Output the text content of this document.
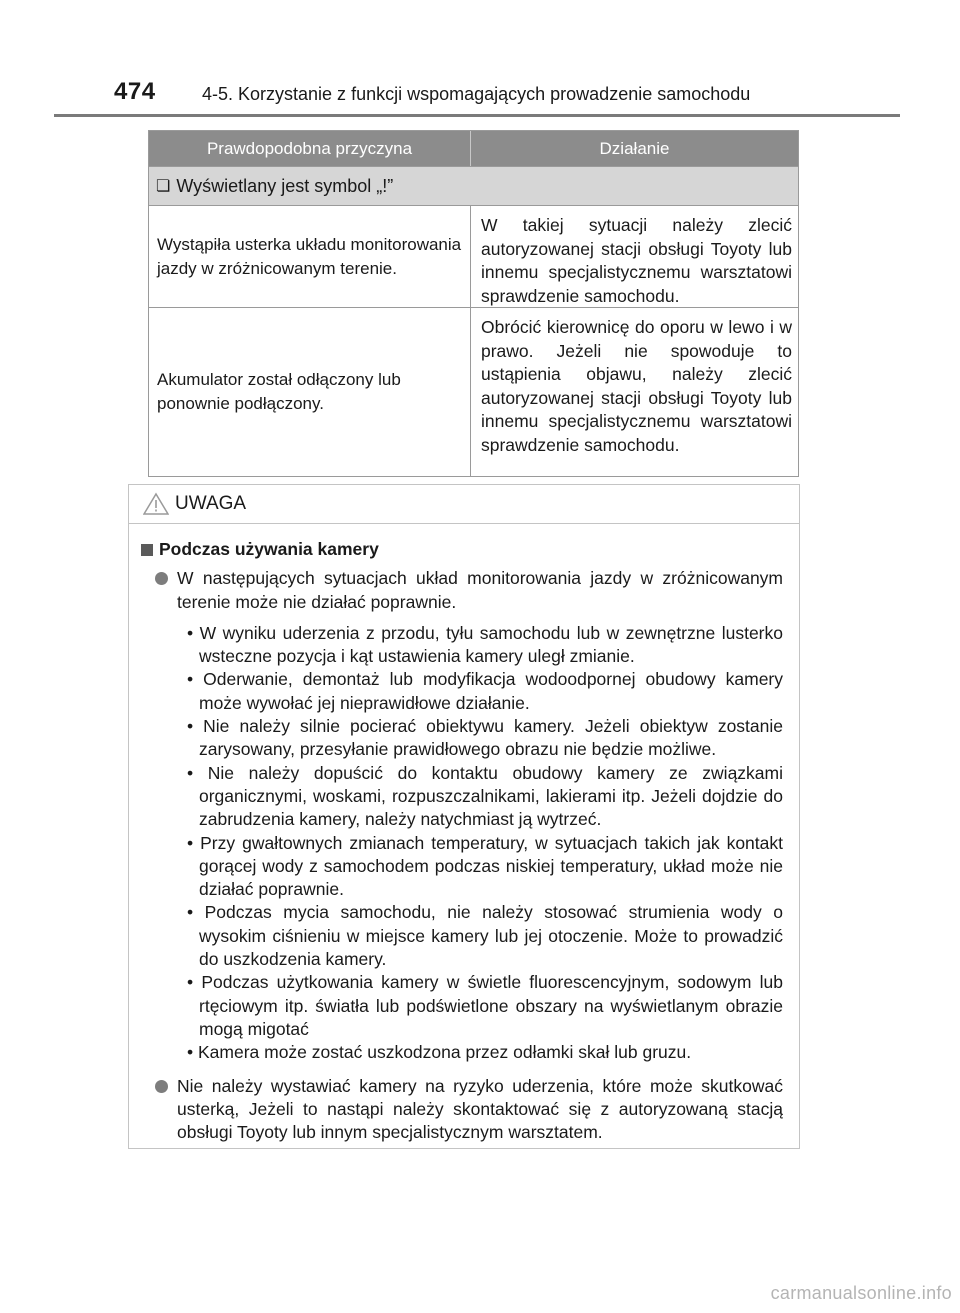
474	4-5. Korzystanie z funkcji wspomagających prowadzenie samochodu
Prawdopodobna przyczyna	Działanie
❏ Wyświetlany jest symbol „!”
Wystąpiła usterka układu monitorowania jazdy w zróżnicowanym terenie.
W takiej sytuacji należy zlecić autoryzowanej stacji obsługi Toyoty lub innemu specjalistycznemu warsztatowi sprawdzenie samochodu.
Akumulator został odłączony lub ponownie podłączony.
Obrócić kierownicę do oporu w lewo i w prawo. Jeżeli nie spowoduje to ustąpienia objawu, należy zlecić autoryzowanej stacji obsługi Toyoty lub innemu specjalistycznemu warsztatowi sprawdzenie samochodu.
UWAGA
Podczas używania kamery
W następujących sytuacjach układ monitorowania jazdy w zróżnicowanym terenie może nie działać poprawnie.
• W wyniku uderzenia z przodu, tyłu samochodu lub w zewnętrzne lusterko wsteczne pozycja i kąt ustawienia kamery uległ zmianie.
• Oderwanie, demontaż lub modyfikacja wodoodpornej obudowy kamery może wywołać jej nieprawidłowe działanie.
• Nie należy silnie pocierać obiektywu kamery. Jeżeli obiektyw zostanie zarysowany, przesyłanie prawidłowego obrazu nie będzie możliwe.
• Nie należy dopuścić do kontaktu obudowy kamery ze związkami organicznymi, woskami, rozpuszczalnikami, lakierami itp. Jeżeli dojdzie do zabrudzenia kamery, należy natychmiast ją wytrzeć.
• Przy gwałtownych zmianach temperatury, w sytuacjach takich jak kontakt gorącej wody z samochodem podczas niskiej temperatury, układ może nie działać poprawnie.
• Podczas mycia samochodu, nie należy stosować strumienia wody o wysokim ciśnieniu w miejsce kamery lub jej otoczenie. Może to prowadzić do uszkodzenia kamery.
• Podczas użytkowania kamery w świetle fluorescencyjnym, sodowym lub rtęciowym itp. światła lub podświetlone obszary na wyświetlanym obrazie mogą migotać
• Kamera może zostać uszkodzona przez odłamki skał lub gruzu.
Nie należy wystawiać kamery na ryzyko uderzenia, które może skutkować usterką, Jeżeli to nastąpi należy skontaktować się z autoryzowaną stacją obsługi Toyoty lub innym specjalistycznym warsztatem.
carmanualsonline.info
